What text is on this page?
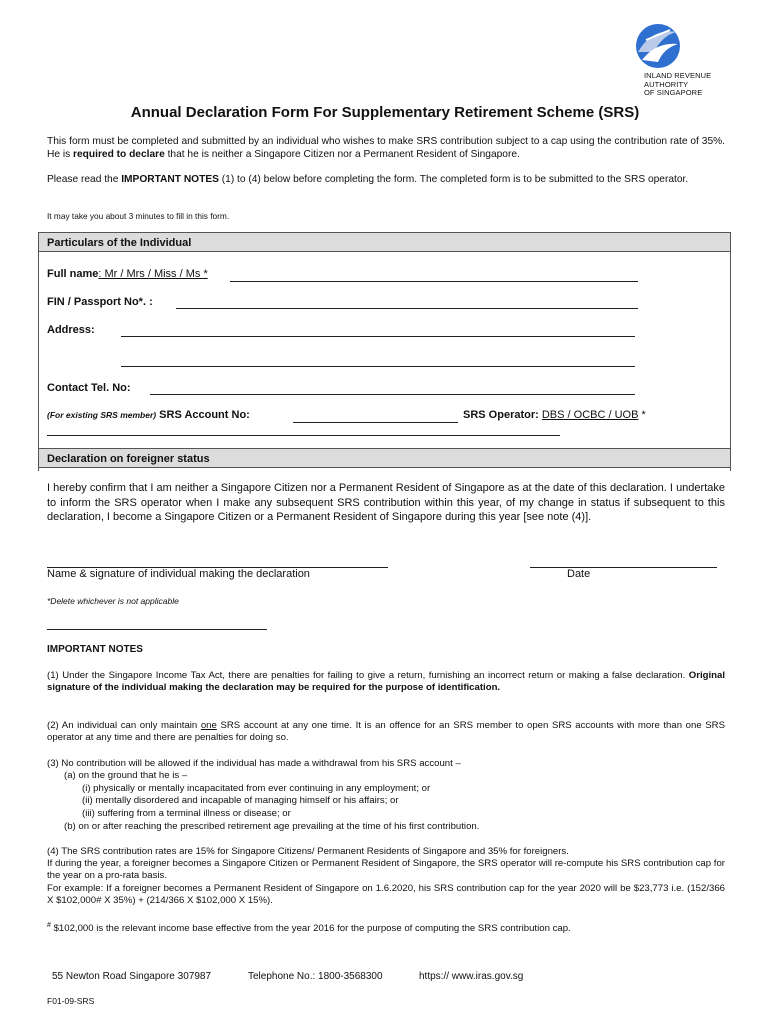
INLAND REVENUE
AUTHORITY
OF SINGAPORE
Annual Declaration Form For Supplementary Retirement Scheme (SRS)
This form must be completed and submitted by an individual who wishes to make SRS contribution subject to a cap using the contribution rate of 35%. He is required to declare that he is neither a Singapore Citizen nor a Permanent Resident of Singapore.
Please read the IMPORTANT NOTES (1) to (4) below before completing the form. The completed form is to be submitted to the SRS operator.
It may take you about 3 minutes to fill in this form.
Particulars of the Individual
Full name: Mr / Mrs / Miss / Ms *
FIN / Passport No*. :
Address:
Contact Tel. No:
(For existing SRS member) SRS Account No:	SRS Operator: DBS / OCBC / UOB *
Declaration on foreigner status
I hereby confirm that I am neither a Singapore Citizen nor a Permanent Resident of Singapore as at the date of this declaration. I undertake to inform the SRS operator when I make any subsequent SRS contribution within this year, of my change in status if subsequent to this declaration, I become a Singapore Citizen or a Permanent Resident of Singapore during this year [see note (4)].
Name & signature of individual making the declaration	Date
*Delete whichever is not applicable
IMPORTANT NOTES
(1) Under the Singapore Income Tax Act, there are penalties for failing to give a return, furnishing an incorrect return or making a false declaration. Original signature of the individual making the declaration may be required for the purpose of identification.
(2) An individual can only maintain one SRS account at any one time. It is an offence for an SRS member to open SRS accounts with more than one SRS operator at any time and there are penalties for doing so.
(3) No contribution will be allowed if the individual has made a withdrawal from his SRS account –
(a) on the ground that he is –
(i) physically or mentally incapacitated from ever continuing in any employment; or
(ii) mentally disordered and incapable of managing himself or his affairs; or
(iii) suffering from a terminal illness or disease; or
(b) on or after reaching the prescribed retirement age prevailing at the time of his first contribution.
(4) The SRS contribution rates are 15% for Singapore Citizens/ Permanent Residents of Singapore and 35% for foreigners.
If during the year, a foreigner becomes a Singapore Citizen or Permanent Resident of Singapore, the SRS operator will re-compute his SRS contribution cap for the year on a pro-rata basis.
For example: If a foreigner becomes a Permanent Resident of Singapore on 1.6.2020, his SRS contribution cap for the year 2020 will be $23,773 i.e. (152/366 X $102,000# X 35%) + (214/366 X $102,000 X 15%).
# $102,000 is the relevant income base effective from the year 2016 for the purpose of computing the SRS contribution cap.
55 Newton Road Singapore 307987	Telephone No.: 1800-3568300	https:// www.iras.gov.sg
F01-09-SRS
